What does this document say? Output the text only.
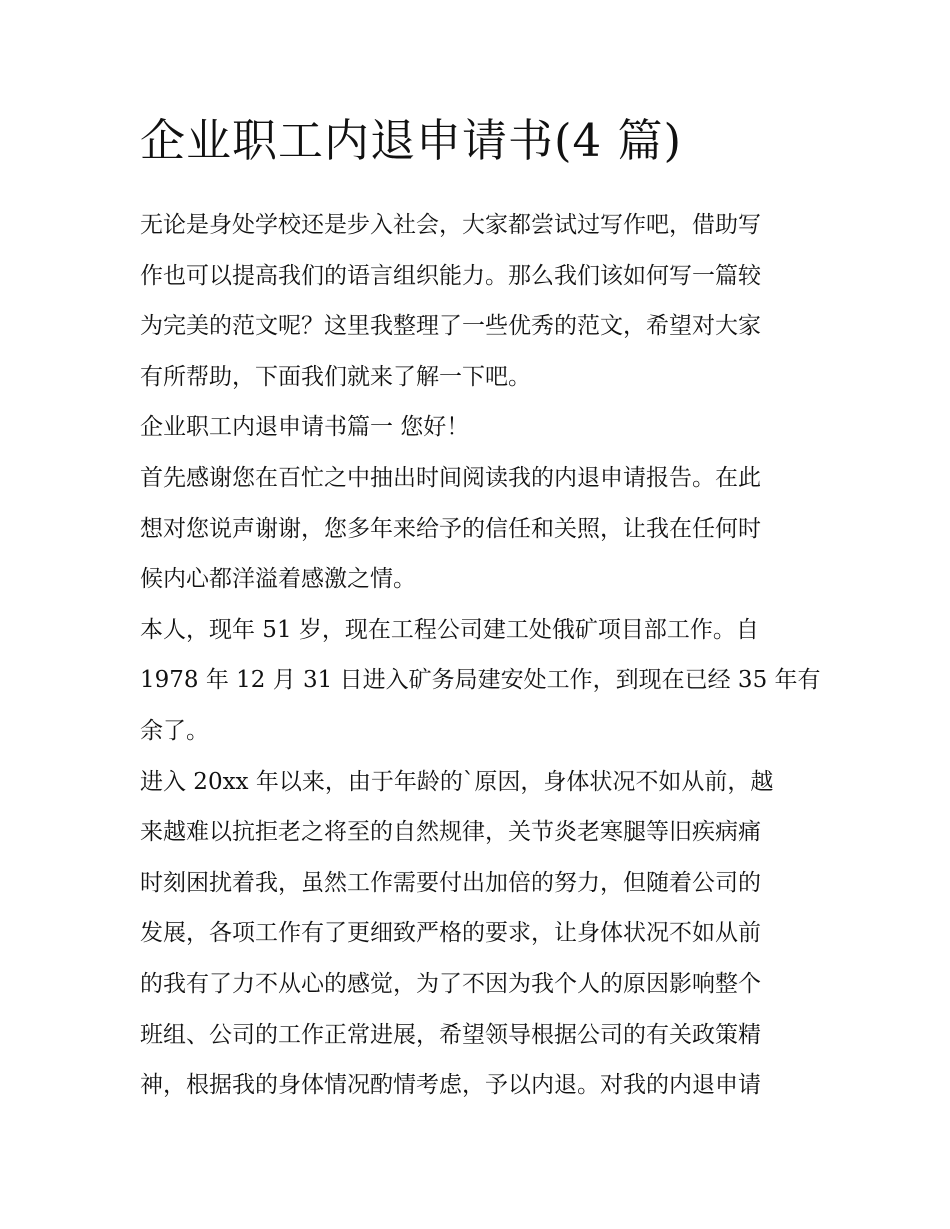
企业职工内退申请书(4 篇)
无论是身处学校还是步入社会，大家都尝试过写作吧，借助写
作也可以提高我们的语言组织能力。那么我们该如何写一篇较
为完美的范文呢？这里我整理了一些优秀的范文，希望对大家
有所帮助，下面我们就来了解一下吧。
企业职工内退申请书篇一 您好！
首先感谢您在百忙之中抽出时间阅读我的内退申请报告。在此
想对您说声谢谢，您多年来给予的信任和关照，让我在任何时
候内心都洋溢着感激之情。
本人，现年 51 岁，现在工程公司建工处俄矿项目部工作。自
1978 年 12 月 31 日进入矿务局建安处工作，到现在已经 35 年有
余了。
进入 20xx 年以来，由于年龄的`原因，身体状况不如从前，越
来越难以抗拒老之将至的自然规律，关节炎老寒腿等旧疾病痛
时刻困扰着我，虽然工作需要付出加倍的努力，但随着公司的
发展，各项工作有了更细致严格的要求，让身体状况不如从前
的我有了力不从心的感觉，为了不因为我个人的原因影响整个
班组、公司的工作正常进展，希望领导根据公司的有关政策精
神，根据我的身体情况酌情考虑，予以内退。对我的内退申请
